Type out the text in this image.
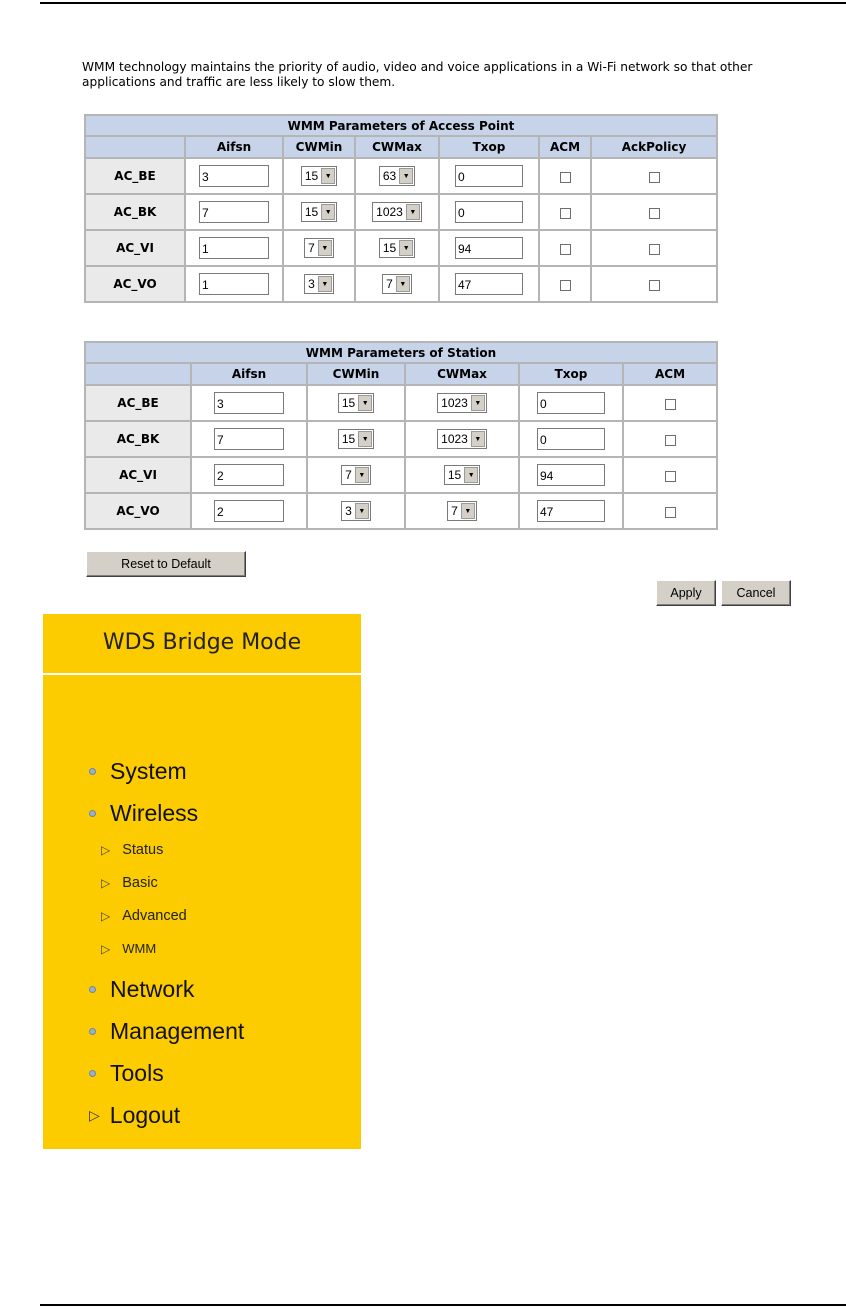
WMM technology maintains the priority of audio, video and voice applications in a Wi-Fi network so that other applications and traffic are less likely to slow them.
WMM Parameters of Access Point						
	Aifsn	CWMin	CWMax	Txop	ACM	AckPolicy
AC_BE	3	15 ▼	63 ▼	0		
AC_BK	7	15 ▼	1023 ▼	0		
AC_VI	1	7 ▼	15 ▼	94		
AC_VO	1	3 ▼	7 ▼	47		
WMM Parameters of Station					
	Aifsn	CWMin	CWMax	Txop	ACM
AC_BE	3	15 ▼	1023 ▼	0	
AC_BK	7	15 ▼	1023 ▼	0	
AC_VI	2	7 ▼	15 ▼	94	
AC_VO	2	3 ▼	7 ▼	47	
Reset to Default
Apply	Cancel
WDS Bridge Mode
System
Wireless
▷ Status
▷ Basic
▷ Advanced
▷ WMM
Network
Management
Tools
▷ Logout
